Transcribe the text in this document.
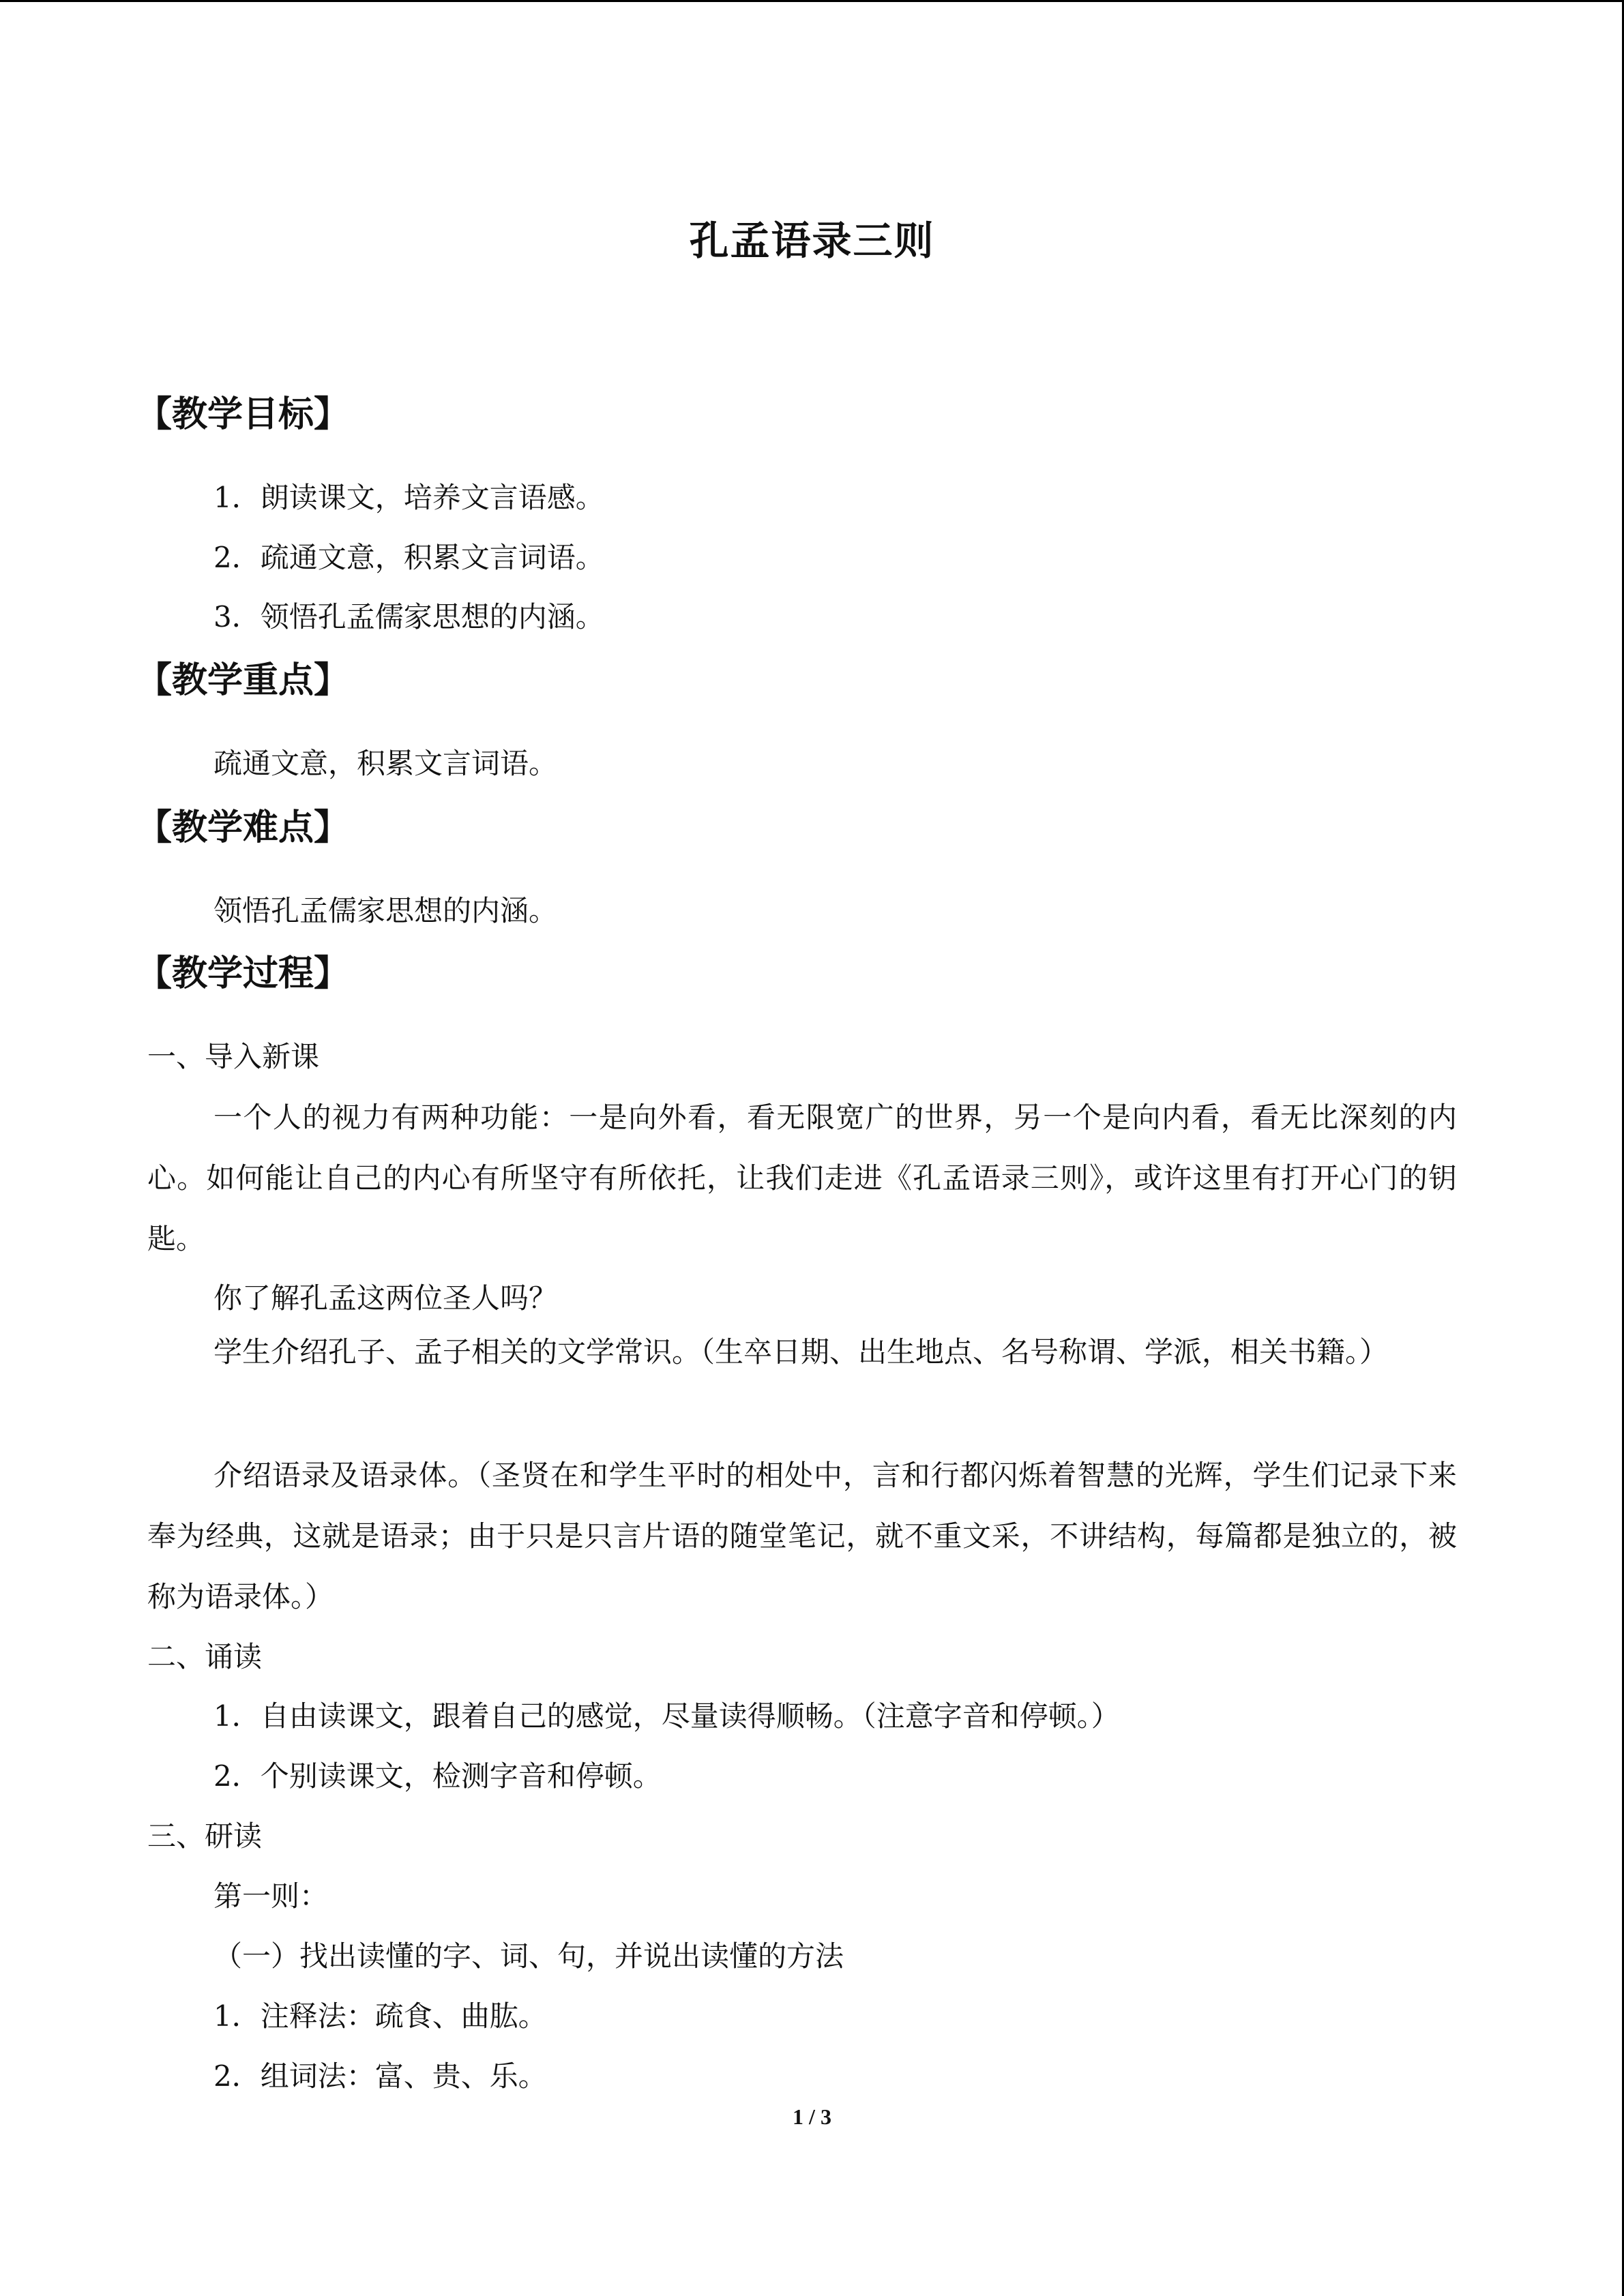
孔孟语录三则
【教学目标】
1．朗读课文，培养文言语感。
2．疏通文意，积累文言词语。
3．领悟孔孟儒家思想的内涵。
【教学重点】
疏通文意，积累文言词语。
【教学难点】
领悟孔孟儒家思想的内涵。
【教学过程】
一、导入新课
一个人的视力有两种功能：一是向外看，看无限宽广的世界，另一个是向内看，看无比深刻的内心。如何能让自己的内心有所坚守有所依托，让我们走进《孔孟语录三则》，或许这里有打开心门的钥匙。
你了解孔孟这两位圣人吗？
学生介绍孔子、孟子相关的文学常识。（生卒日期、出生地点、名号称谓、学派，相关书籍。）
介绍语录及语录体。（圣贤在和学生平时的相处中，言和行都闪烁着智慧的光辉，学生们记录下来奉为经典，这就是语录；由于只是只言片语的随堂笔记，就不重文采，不讲结构，每篇都是独立的，被称为语录体。）
二、诵读
1．自由读课文，跟着自己的感觉，尽量读得顺畅。（注意字音和停顿。）
2．个别读课文，检测字音和停顿。
三、研读
第一则：
（一）找出读懂的字、词、句，并说出读懂的方法
1．注释法：疏食、曲肱。
2．组词法：富、贵、乐。
1 / 3
